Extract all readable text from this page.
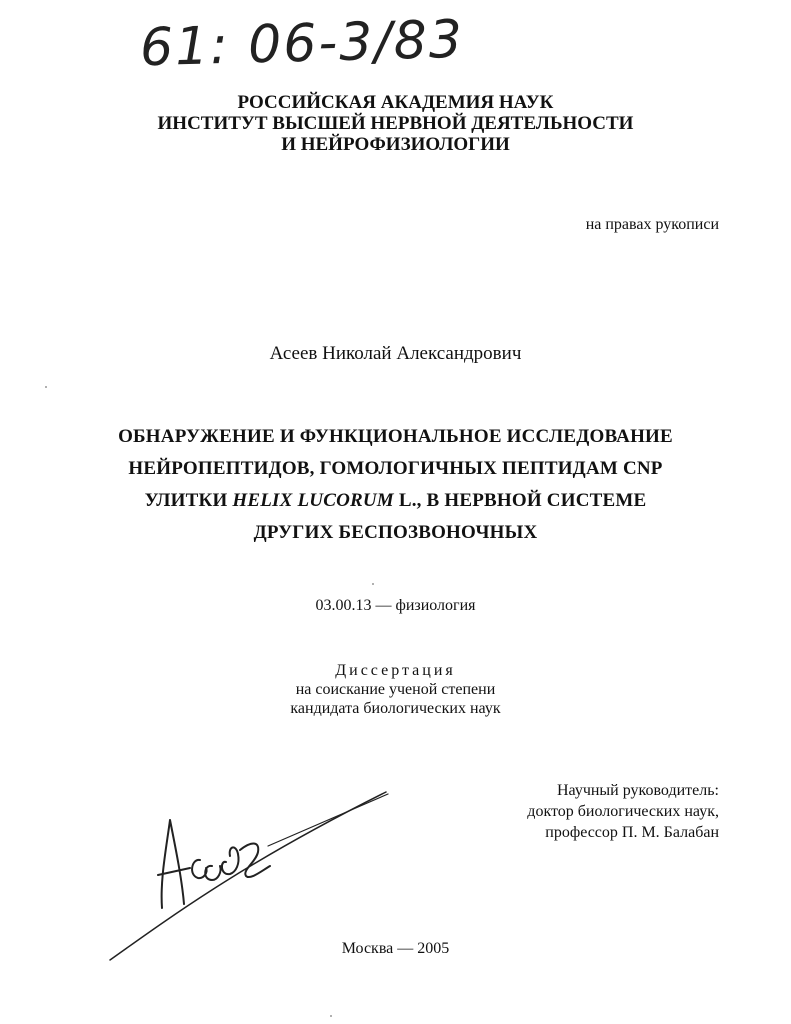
61: 06-3/83
РОССИЙСКАЯ АКАДЕМИЯ НАУК
ИНСТИТУТ ВЫСШЕЙ НЕРВНОЙ ДЕЯТЕЛЬНОСТИ
И НЕЙРОФИЗИОЛОГИИ
на правах рукописи
Асеев Николай Александрович
ОБНАРУЖЕНИЕ И ФУНКЦИОНАЛЬНОЕ ИССЛЕДОВАНИЕ
НЕЙРОПЕПТИДОВ, ГОМОЛОГИЧНЫХ ПЕПТИДАМ CNP
УЛИТКИ HELIX LUCORUM L., В НЕРВНОЙ СИСТЕМЕ
ДРУГИХ БЕСПОЗВОНОЧНЫХ
03.00.13 — физиология
Диссертация
на соискание ученой степени
кандидата биологических наук
Научный руководитель:
доктор биологических наук,
профессор П. М. Балабан
Москва — 2005
